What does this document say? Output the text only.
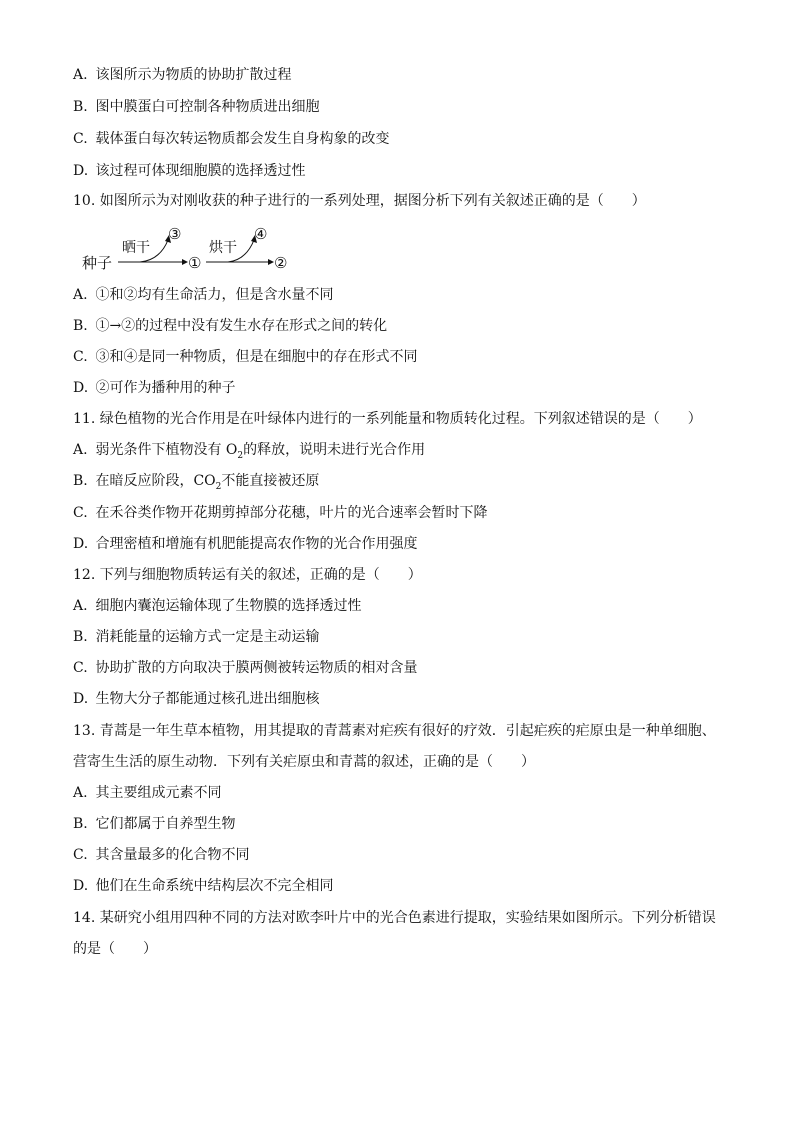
A. 该图所示为物质的协助扩散过程
B. 图中膜蛋白可控制各种物质进出细胞
C. 载体蛋白每次转运物质都会发生自身构象的改变
D. 该过程可体现细胞膜的选择透过性
10. 如图所示为对刚收获的种子进行的一系列处理，据图分析下列有关叙述正确的是（　　）
种子
晒干
③
①
烘干
④
②
A. ①和②均有生命活力，但是含水量不同
B. ①→②的过程中没有发生水存在形式之间的转化
C. ③和④是同一种物质，但是在细胞中的存在形式不同
D. ②可作为播种用的种子
11. 绿色植物的光合作用是在叶绿体内进行的一系列能量和物质转化过程。下列叙述错误的是（　　）
A. 弱光条件下植物没有 $O_2$的释放，说明未进行光合作用
B. 在暗反应阶段，$CO_2$不能直接被还原
C. 在禾谷类作物开花期剪掉部分花穗，叶片的光合速率会暂时下降
D. 合理密植和增施有机肥能提高农作物的光合作用强度
12. 下列与细胞物质转运有关的叙述，正确的是（　　）
A. 细胞内囊泡运输体现了生物膜的选择透过性
B. 消耗能量的运输方式一定是主动运输
C. 协助扩散的方向取决于膜两侧被转运物质的相对含量
D. 生物大分子都能通过核孔进出细胞核
13. 青蒿是一年生草本植物，用其提取的青蒿素对疟疾有很好的疗效．引起疟疾的疟原虫是一种单细胞、
营寄生生活的原生动物．下列有关疟原虫和青蒿的叙述，正确的是（　　）
A. 其主要组成元素不同
B. 它们都属于自养型生物
C. 其含量最多的化合物不同
D. 他们在生命系统中结构层次不完全相同
14. 某研究小组用四种不同的方法对欧李叶片中的光合色素进行提取，实验结果如图所示。下列分析错误
的是（　　）
